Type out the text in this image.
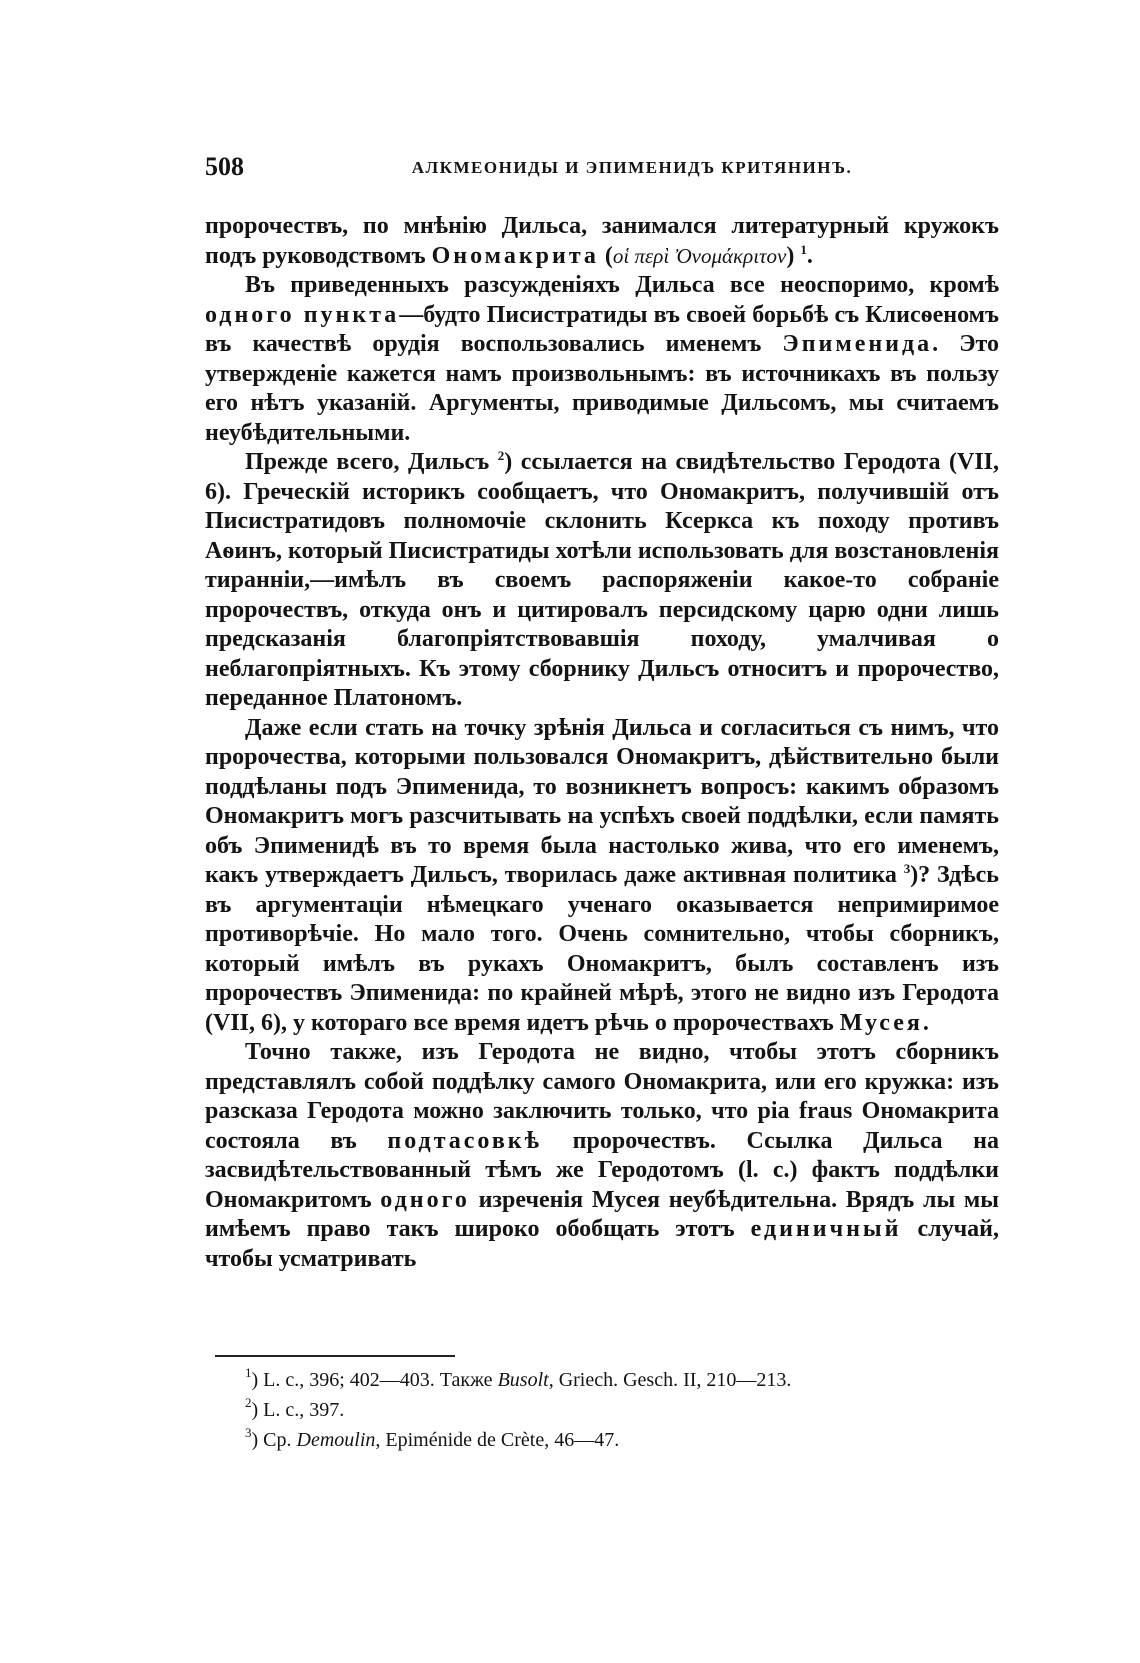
508	АЛКМЕОНИДЫ И ЭПИМЕНИДЪ КРИТЯНИНЪ.

пророчествъ, по мнѣнію Дильса, занимался литературный кружокъ подъ руководствомъ Ономакрита (οἱ περὶ Ὀνομάκριτον) $^1$.

Въ приведенныхъ разсужденіяхъ Дильса все неоспоримо, кромѣ одного пункта—будто Писистратиды въ своей борьбѣ съ Клисѳеномъ въ качествѣ орудія воспользовались именемъ Эпименида. Это утвержденіе кажется намъ произвольнымъ: въ источникахъ въ пользу его нѣтъ указаній. Аргументы, приводимые Дильсомъ, мы считаемъ неубѣдительными.

Прежде всего, Дильсъ $^2$) ссылается на свидѣтельство Геродота (VII, 6). Греческій историкъ сообщаетъ, что Ономакритъ, получившій отъ Писистратидовъ полномочіе склонить Ксеркса къ походу противъ Аѳинъ, который Писистратиды хотѣли использовать для возстановленія тиранніи,—имѣлъ въ своемъ распоряженіи какое-то собраніе пророчествъ, откуда онъ и цитировалъ персидскому царю одни лишь предсказанія благопріятствовавшія походу, умалчивая о неблагопріятныхъ. Къ этому сборнику Дильсъ относитъ и пророчество, переданное Платономъ.

Даже если стать на точку зрѣнія Дильса и согласиться съ нимъ, что пророчества, которыми пользовался Ономакритъ, дѣйствительно были поддѣланы подъ Эпименида, то возникнетъ вопросъ: какимъ образомъ Ономакритъ могъ разсчитывать на успѣхъ своей поддѣлки, если память объ Эпименидѣ въ то время была настолько жива, что его именемъ, какъ утверждаетъ Дильсъ, творилась даже активная политика $^3$)? Здѣсь въ аргументаціи нѣмецкаго ученаго оказывается непримиримое противорѣчіе. Но мало того. Очень сомнительно, чтобы сборникъ, который имѣлъ въ рукахъ Ономакритъ, былъ составленъ изъ пророчествъ Эпименида: по крайней мѣрѣ, этого не видно изъ Геродота (VII, 6), у котораго все время идетъ рѣчь о пророчествахъ Мусея.

Точно также, изъ Геродота не видно, чтобы этотъ сборникъ представлялъ собой поддѣлку самого Ономакрита, или его кружка: изъ разсказа Геродота можно заключить только, что pia fraus Ономакрита состояла въ подтасовкѣ пророчествъ. Ссылка Дильса на засвидѣтельствованный тѣмъ же Геродотомъ (l. c.) фактъ поддѣлки Ономакритомъ одного изреченія Мусея неубѣдительна. Врядъ лы мы имѣемъ право такъ широко обобщать этотъ единичный случай, чтобы усматривать

$^1$) L. c., 396; 402—403. Также Busolt, Griech. Gesch. II, 210—213.
$^2$) L. c., 397.
$^3$) Ср. Demoulin, Epiménide de Crète, 46—47.
